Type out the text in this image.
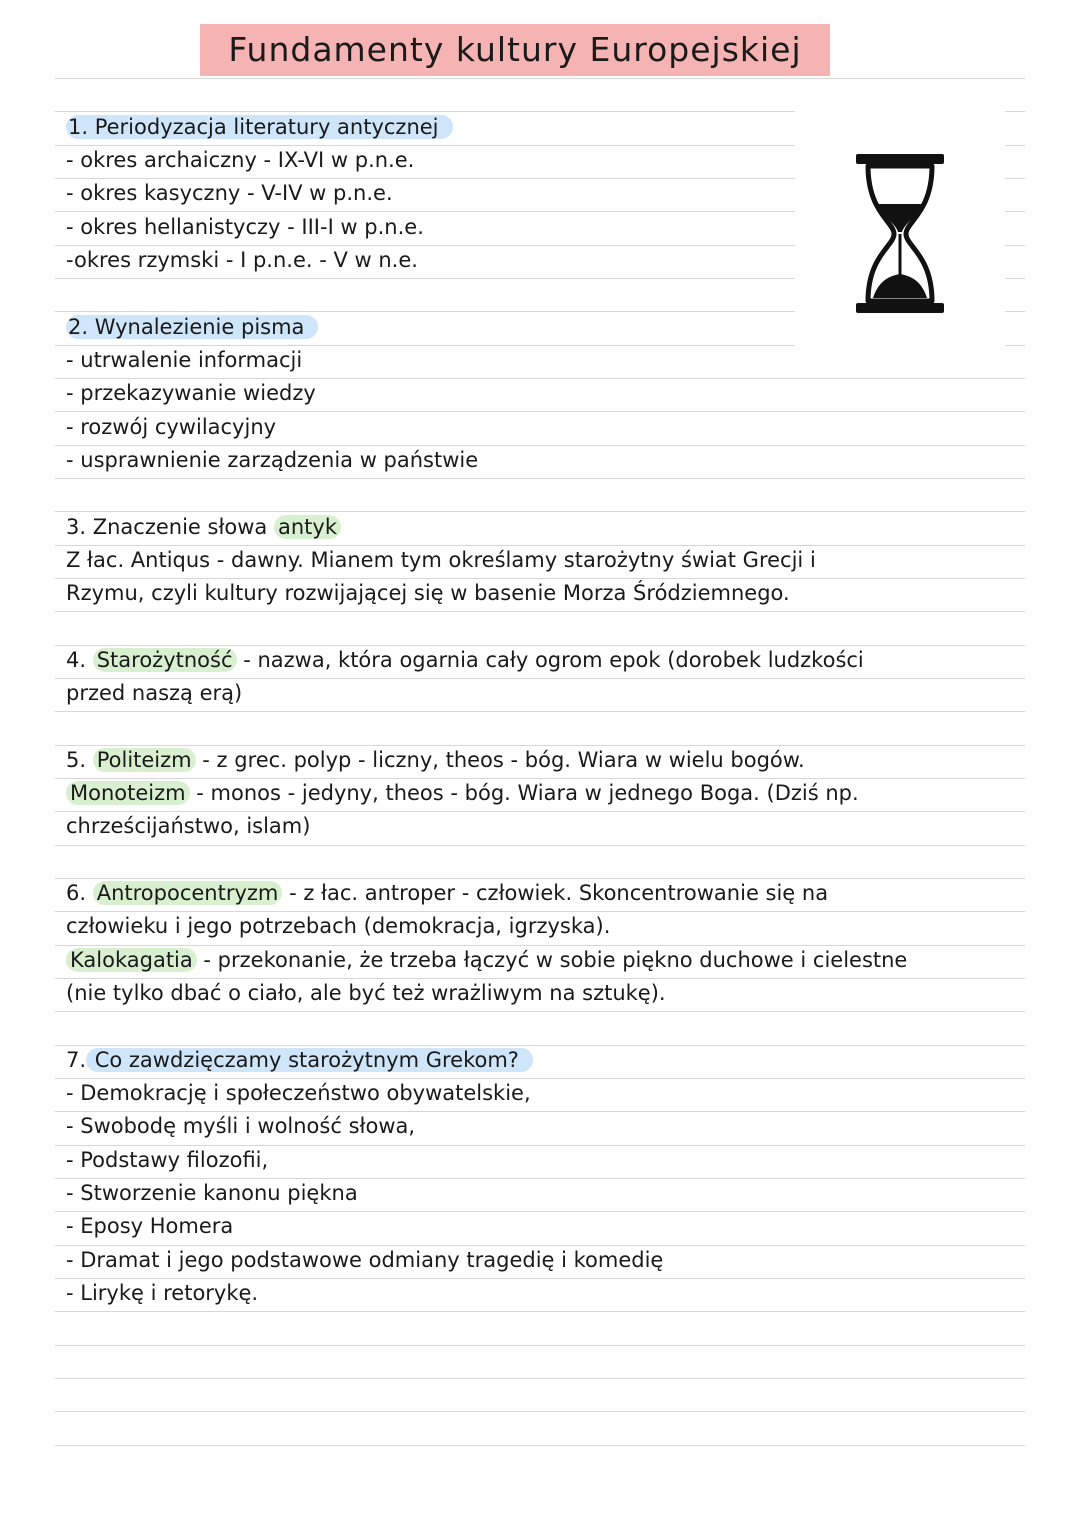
Fundamenty kultury Europejskiej
1. Periodyzacja literatury antycznej
- okres archaiczny - IX-VI w p.n.e.
- okres kasyczny - V-IV w p.n.e.
- okres hellanistyczy - III-I w p.n.e.
-okres rzymski - I p.n.e. - V w n.e.
2. Wynalezienie pisma
- utrwalenie informacji
- przekazywanie wiedzy
- rozwój cywilacyjny
- usprawnienie zarządzenia w państwie
3. Znaczenie słowa antyk
Z łac. Antiqus - dawny. Mianem tym określamy starożytny świat Grecji i
Rzymu, czyli kultury rozwijającej się w basenie Morza Śródziemnego.
4. Starożytność - nazwa, która ogarnia cały ogrom epok (dorobek ludzkości
przed naszą erą)
5. Politeizm - z grec. polyp - liczny, theos - bóg. Wiara w wielu bogów.
Monoteizm - monos - jedyny, theos - bóg. Wiara w jednego Boga. (Dziś np.
chrześcijaństwo, islam)
6. Antropocentryzm - z łac. antroper - człowiek. Skoncentrowanie się na
człowieku i jego potrzebach (demokracja, igrzyska).
Kalokagatia - przekonanie, że trzeba łączyć w sobie piękno duchowe i cielestne
(nie tylko dbać o ciało, ale być też wrażliwym na sztukę).
7. Co zawdzięczamy starożytnym Grekom?
- Demokrację i społeczeństwo obywatelskie,
- Swobodę myśli i wolność słowa,
- Podstawy filozofii,
- Stworzenie kanonu piękna
- Eposy Homera
- Dramat i jego podstawowe odmiany tragedię i komedię
- Lirykę i retorykę.
